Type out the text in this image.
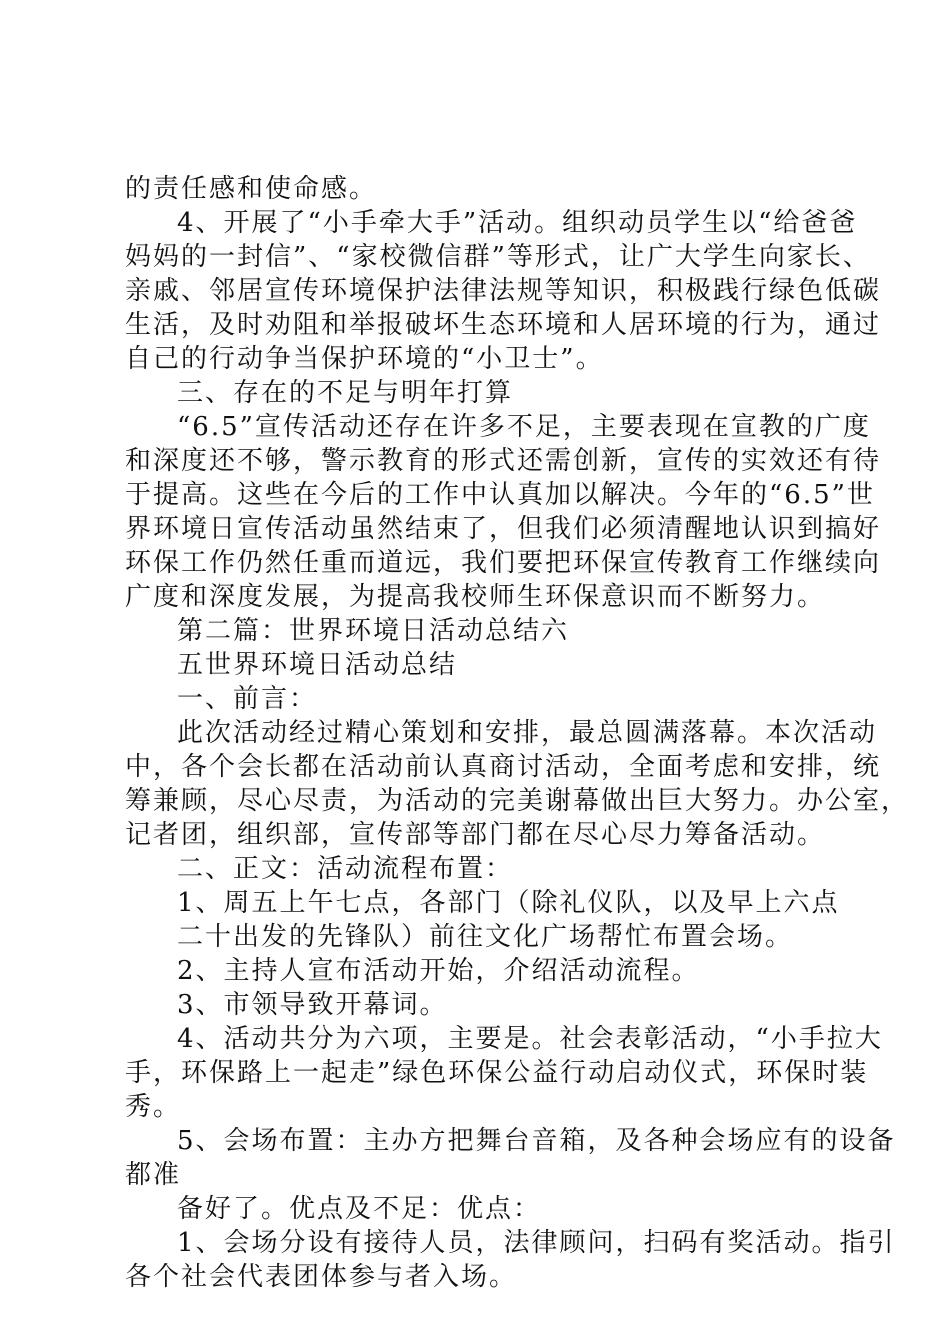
的责任感和使命感。
4、开展了“小手牵大手”活动。组织动员学生以“给爸爸
妈妈的一封信”、“家校微信群”等形式，让广大学生向家长、
亲戚、邻居宣传环境保护法律法规等知识，积极践行绿色低碳
生活，及时劝阻和举报破坏生态环境和人居环境的行为，通过
自己的行动争当保护环境的“小卫士”。
三、存在的不足与明年打算
“6.5”宣传活动还存在许多不足，主要表现在宣教的广度
和深度还不够，警示教育的形式还需创新，宣传的实效还有待
于提高。这些在今后的工作中认真加以解决。今年的“6.5”世
界环境日宣传活动虽然结束了，但我们必须清醒地认识到搞好
环保工作仍然任重而道远，我们要把环保宣传教育工作继续向
广度和深度发展，为提高我校师生环保意识而不断努力。
第二篇：世界环境日活动总结六
五世界环境日活动总结
一、前言：
此次活动经过精心策划和安排，最总圆满落幕。本次活动
中，各个会长都在活动前认真商讨活动，全面考虑和安排，统
筹兼顾，尽心尽责，为活动的完美谢幕做出巨大努力。办公室，
记者团，组织部，宣传部等部门都在尽心尽力筹备活动。
二、正文：活动流程布置：
1、周五上午七点，各部门（除礼仪队，以及早上六点
二十出发的先锋队）前往文化广场帮忙布置会场。
2、主持人宣布活动开始，介绍活动流程。
3、市领导致开幕词。
4、活动共分为六项，主要是。社会表彰活动，“小手拉大
手，环保路上一起走”绿色环保公益行动启动仪式，环保时装
秀。
5、会场布置：主办方把舞台音箱，及各种会场应有的设备
都准
备好了。优点及不足：优点：
1、会场分设有接待人员，法律顾问，扫码有奖活动。指引
各个社会代表团体参与者入场。
